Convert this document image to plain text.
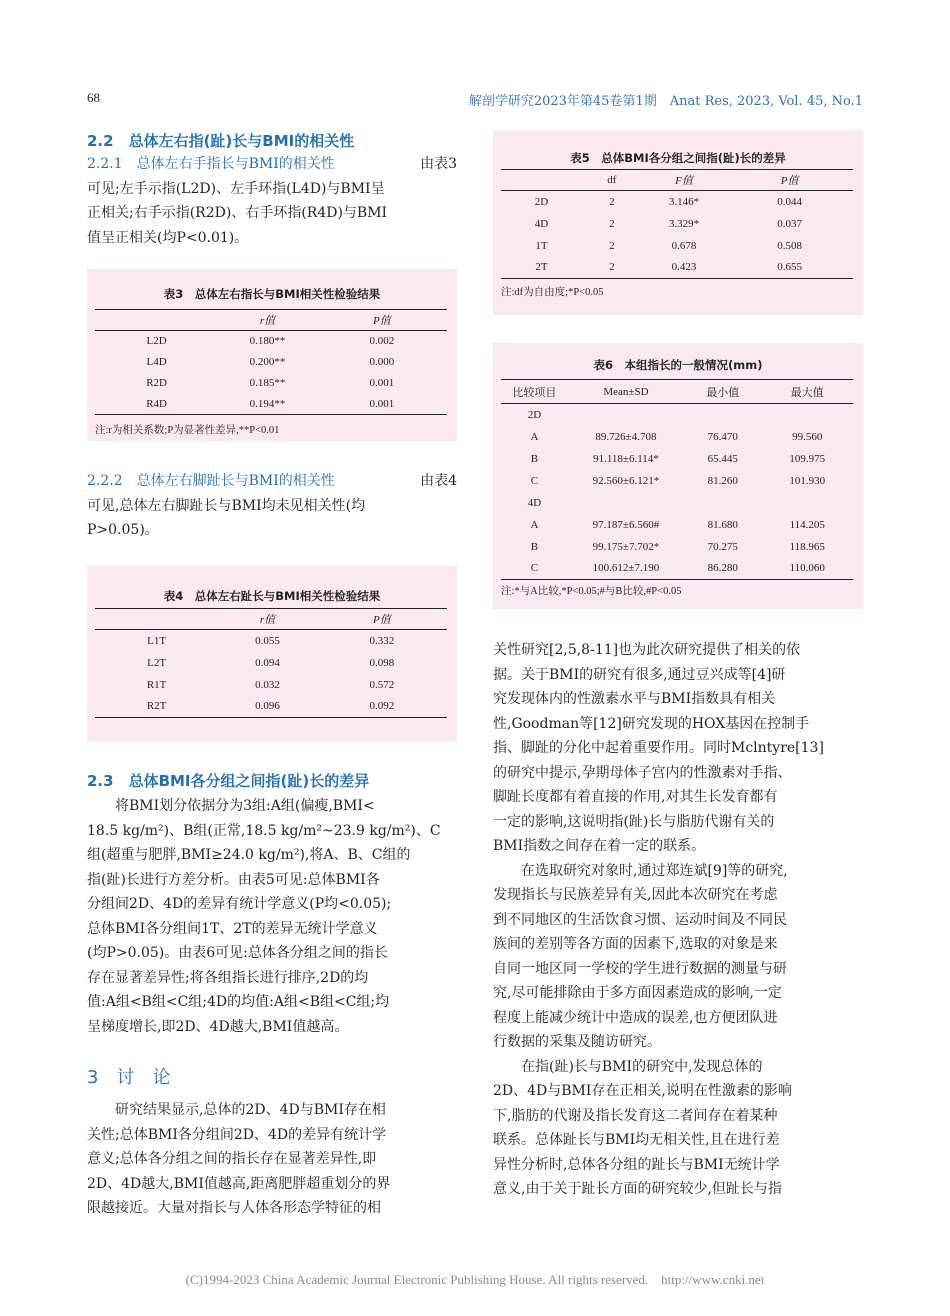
68	解剖学研究2023年第45卷第1期　Anat Res, 2023, Vol. 45, No.1
2.2　总体左右指(趾)长与BMI的相关性
2.2.1　总体左右手指长与BMI的相关性	由表3
可见;左手示指(L2D)、左手环指(L4D)与BMI呈
正相关;右手示指(R2D)、右手环指(R4D)与BMI
值呈正相关(均P<0.01)。
表3　总体左右指长与BMI相关性检验结果
	r值	P值
L2D	0.180**	0.002
L4D	0.200**	0.000
R2D	0.185**	0.001
R4D	0.194**	0.001
注:r为相关系数;P为显著性差异,**P<0.01
2.2.2　总体左右脚趾长与BMI的相关性	由表4
可见,总体左右脚趾长与BMI均未见相关性(均
P>0.05)。
表4　总体左右趾长与BMI相关性检验结果
	r值	P值
L1T	0.055	0.332
L2T	0.094	0.098
R1T	0.032	0.572
R2T	0.096	0.092
2.3　总体BMI各分组之间指(趾)长的差异
将BMI划分依据分为3组:A组(偏瘦,BMI<
18.5 kg/m²)、B组(正常,18.5 kg/m²~23.9 kg/m²)、C
组(超重与肥胖,BMI≥24.0 kg/m²),将A、B、C组的
指(趾)长进行方差分析。由表5可见:总体BMI各
分组间2D、4D的差异有统计学意义(P均<0.05);
总体BMI各分组间1T、2T的差异无统计学意义
(均P>0.05)。由表6可见:总体各分组之间的指长
存在显著差异性;将各组指长进行排序,2D的均
值:A组<B组<C组;4D的均值:A组<B组<C组;均
呈梯度增长,即2D、4D越大,BMI值越高。
3　讨　论
研究结果显示,总体的2D、4D与BMI存在相
关性;总体BMI各分组间2D、4D的差异有统计学
意义;总体各分组之间的指长存在显著差异性,即
2D、4D越大,BMI值越高,距离肥胖超重划分的界
限越接近。大量对指长与人体各形态学特征的相
表5　总体BMI各分组之间指(趾)长的差异
	df	F值	P值
2D	2	3.146*	0.044
4D	2	3.329*	0.037
1T	2	0.678	0.508
2T	2	0.423	0.655
注:df为自由度;*P<0.05
表6　本组指长的一般情况(mm)
比较项目	Mean±SD	最小值	最大值
2D			
A	89.726±4.708	76.470	99.560
B	91.118±6.114*	65.445	109.975
C	92.560±6.121*	81.260	101.930
4D			
A	97.187±6.560#	81.680	114.205
B	99.175±7.702*	70.275	118.965
C	100.612±7.190	86.280	110.060
注:*与A比较,*P<0.05;#与B比较,#P<0.05
关性研究[2,5,8-11]也为此次研究提供了相关的依
据。关于BMI的研究有很多,通过豆兴成等[4]研
究发现体内的性激素水平与BMI指数具有相关
性,Goodman等[12]研究发现的HOX基因在控制手
指、脚趾的分化中起着重要作用。同时Mclntyre[13]
的研究中提示,孕期母体子宫内的性激素对手指、
脚趾长度都有着直接的作用,对其生长发育都有
一定的影响,这说明指(趾)长与脂肪代谢有关的
BMI指数之间存在着一定的联系。
在选取研究对象时,通过郑连斌[9]等的研究,
发现指长与民族差异有关,因此本次研究在考虑
到不同地区的生活饮食习惯、运动时间及不同民
族间的差别等各方面的因素下,选取的对象是来
自同一地区同一学校的学生进行数据的测量与研
究,尽可能排除由于多方面因素造成的影响,一定
程度上能减少统计中造成的误差,也方便团队进
行数据的采集及随访研究。
在指(趾)长与BMI的研究中,发现总体的
2D、4D与BMI存在正相关,说明在性激素的影响
下,脂肪的代谢及指长发育这二者间存在着某种
联系。总体趾长与BMI均无相关性,且在进行差
异性分析时,总体各分组的趾长与BMI无统计学
意义,由于关于趾长方面的研究较少,但趾长与指
(C)1994-2023 China Academic Journal Electronic Publishing House. All rights reserved.　http://www.cnki.net
